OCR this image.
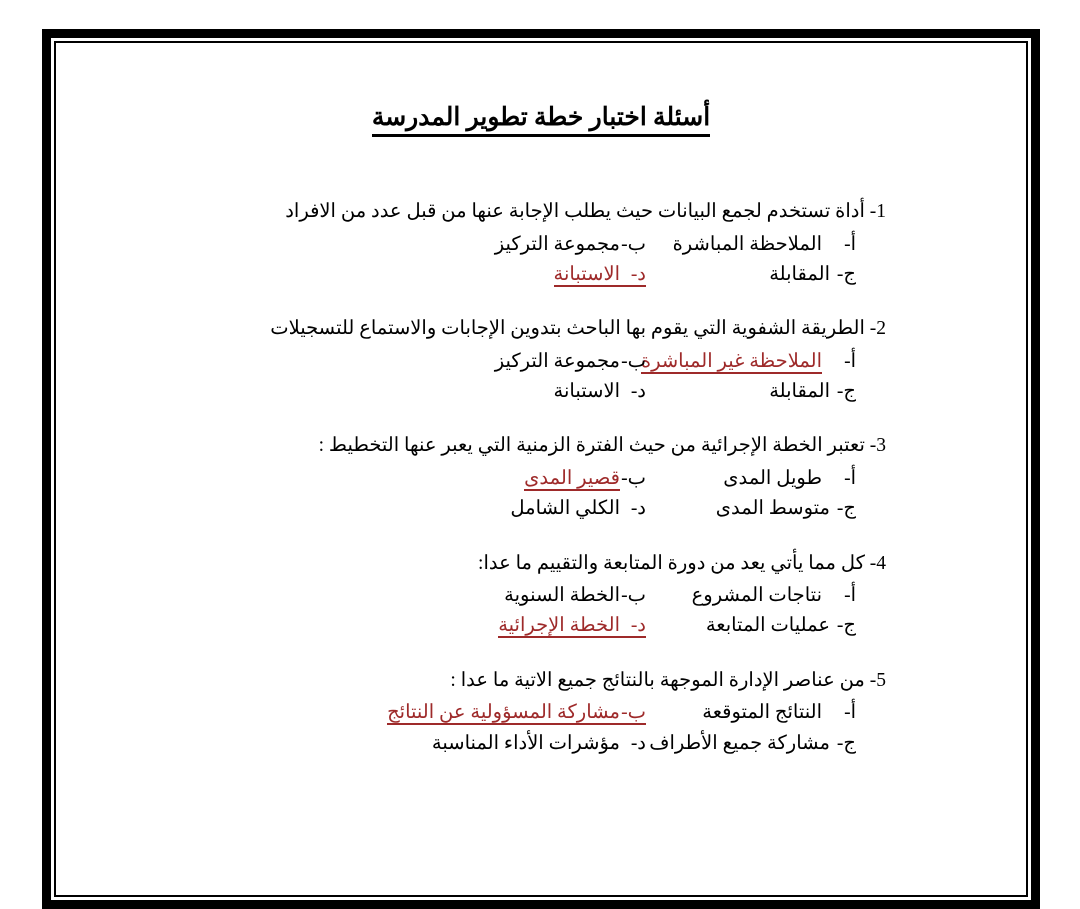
أسئلة اختبار خطة تطوير المدرسة
1- أداة تستخدم لجمع البيانات حيث يطلب الإجابة عنها من قبل عدد من الافراد
أ-الملاحظة المباشرة
ب-مجموعة التركيز
ج-المقابلة
د-الاستبانة
2- الطريقة الشفوية التي يقوم بها الباحث بتدوين الإجابات والاستماع للتسجيلات
أ-الملاحظة غير المباشرة
ب-مجموعة التركيز
ج-المقابلة
د-الاستبانة
3- تعتبر الخطة الإجرائية من حيث الفترة الزمنية التي يعبر عنها التخطيط :
أ-طويل المدى
ب-قصير المدى
ج-متوسط المدى
د-الكلي الشامل
4- كل مما يأتي يعد من دورة المتابعة والتقييم ما عدا:
أ-نتاجات المشروع
ب-الخطة السنوية
ج-عمليات المتابعة
د-الخطة الإجرائية
5- من عناصر الإدارة الموجهة بالنتائج جميع الاتية ما عدا :
أ-النتائج المتوقعة
ب-مشاركة المسؤولية عن النتائج
ج-مشاركة جميع الأطراف
د-مؤشرات الأداء المناسبة
